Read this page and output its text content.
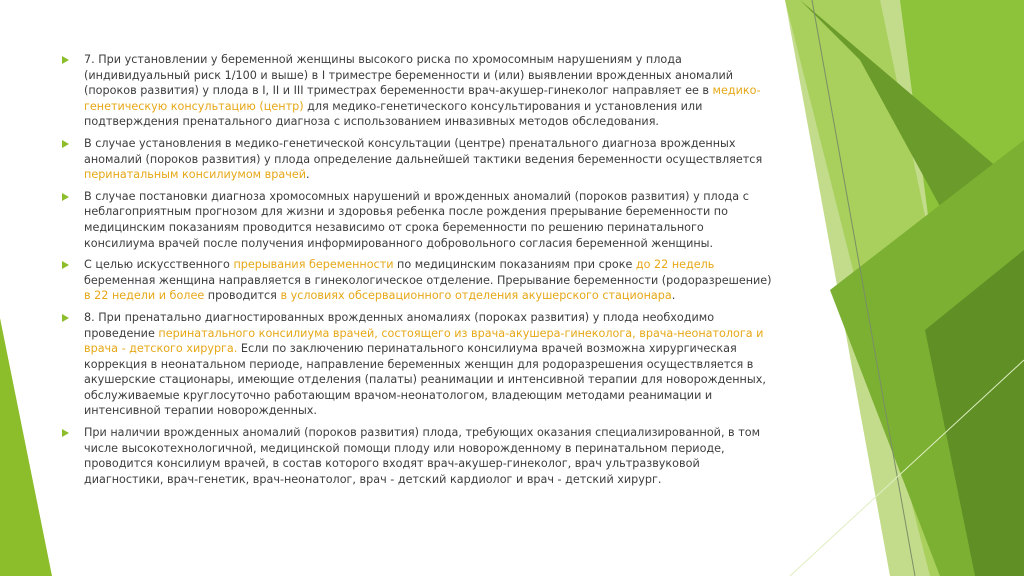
7. При установлении у беременной женщины высокого риска по хромосомным нарушениям у плода (индивидуальный риск 1/100 и выше) в I триместре беременности и (или) выявлении врожденных аномалий (пороков развития) у плода в I, II и III триместрах беременности врач-акушер-гинеколог направляет ее в медико-генетическую консультацию (центр) для медико-генетического консультирования и установления или подтверждения пренатального диагноза с использованием инвазивных методов обследования.
В случае установления в медико-генетической консультации (центре) пренатального диагноза врожденных аномалий (пороков развития) у плода определение дальнейшей тактики ведения беременности осуществляется перинатальным консилиумом врачей.
В случае постановки диагноза хромосомных нарушений и врожденных аномалий (пороков развития) у плода с неблагоприятным прогнозом для жизни и здоровья ребенка после рождения прерывание беременности по медицинским показаниям проводится независимо от срока беременности по решению перинатального консилиума врачей после получения информированного добровольного согласия беременной женщины.
С целью искусственного прерывания беременности по медицинским показаниям при сроке до 22 недель беременная женщина направляется в гинекологическое отделение. Прерывание беременности (родоразрешение) в 22 недели и более проводится в условиях обсервационного отделения акушерского стационара.
8. При пренатально диагностированных врожденных аномалиях (пороках развития) у плода необходимо проведение перинатального консилиума врачей, состоящего из врача-акушера-гинеколога, врача-неонатолога и врача - детского хирурга. Если по заключению перинатального консилиума врачей возможна хирургическая коррекция в неонатальном периоде, направление беременных женщин для родоразрешения осуществляется в акушерские стационары, имеющие отделения (палаты) реанимации и интенсивной терапии для новорожденных, обслуживаемые круглосуточно работающим врачом-неонатологом, владеющим методами реанимации и интенсивной терапии новорожденных.
При наличии врожденных аномалий (пороков развития) плода, требующих оказания специализированной, в том числе высокотехнологичной, медицинской помощи плоду или новорожденному в перинатальном периоде, проводится консилиум врачей, в состав которого входят врач-акушер-гинеколог, врач ультразвуковой диагностики, врач-генетик, врач-неонатолог, врач - детский кардиолог и врач - детский хирург.
